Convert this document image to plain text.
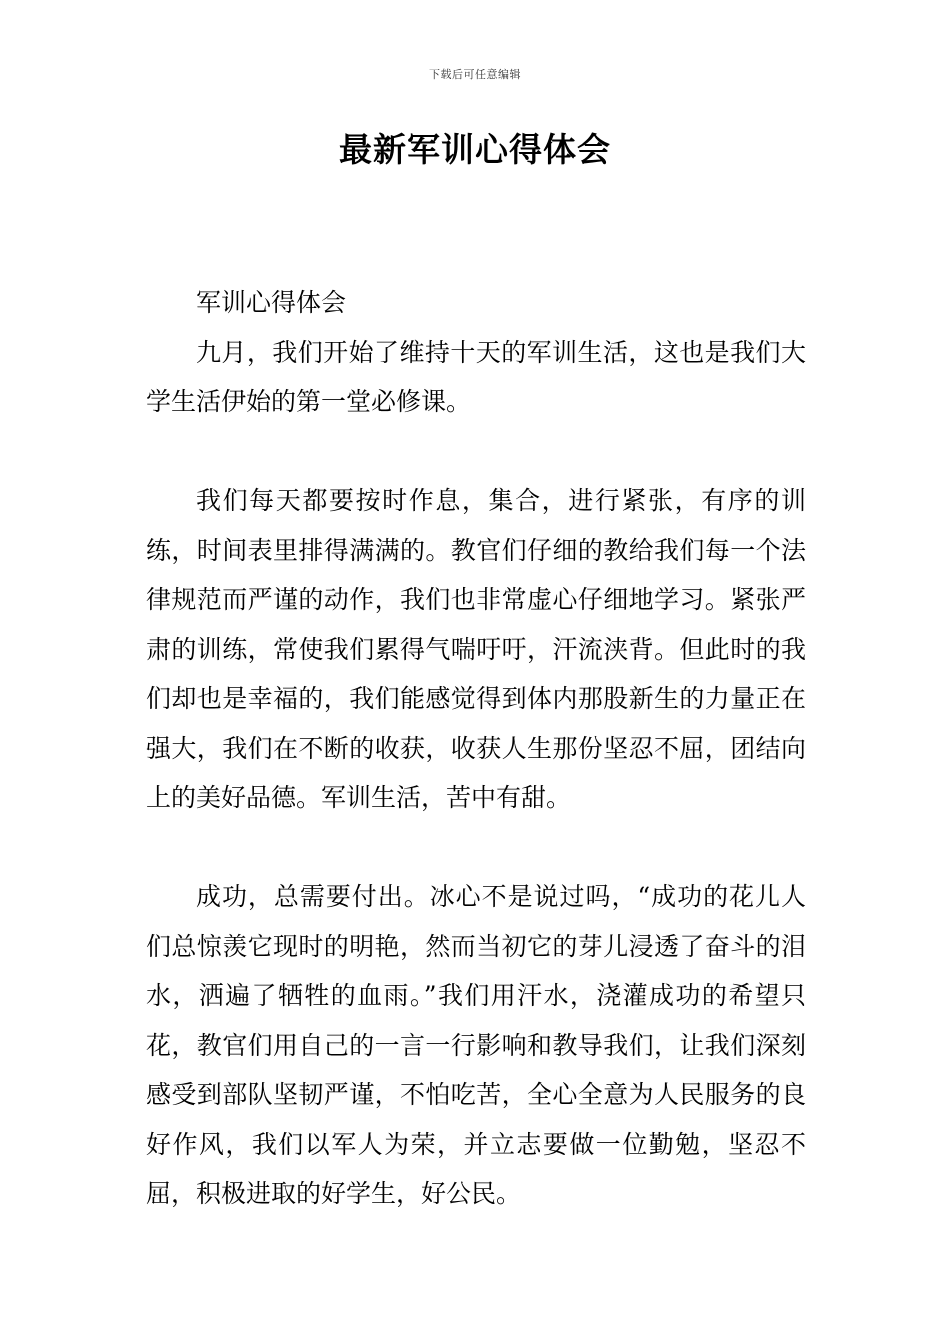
下载后可任意编辑
最新军训心得体会

军训心得体会

九月，我们开始了维持十天的军训生活，这也是我们大学生活伊始的第一堂必修课。

我们每天都要按时作息，集合，进行紧张，有序的训练，时间表里排得满满的。教官们仔细的教给我们每一个法律规范而严谨的动作，我们也非常虚心仔细地学习。紧张严肃的训练，常使我们累得气喘吁吁，汗流浃背。但此时的我们却也是幸福的，我们能感觉得到体内那股新生的力量正在强大，我们在不断的收获，收获人生那份坚忍不屈，团结向上的美好品德。军训生活，苦中有甜。

成功，总需要付出。冰心不是说过吗，“成功的花儿人们总惊羡它现时的明艳，然而当初它的芽儿浸透了奋斗的泪水，洒遍了牺牲的血雨。”我们用汗水，浇灌成功的希望只花，教官们用自己的一言一行影响和教导我们，让我们深刻感受到部队坚韧严谨，不怕吃苦，全心全意为人民服务的良好作风，我们以军人为荣，并立志要做一位勤勉，坚忍不屈，积极进取的好学生，好公民。
